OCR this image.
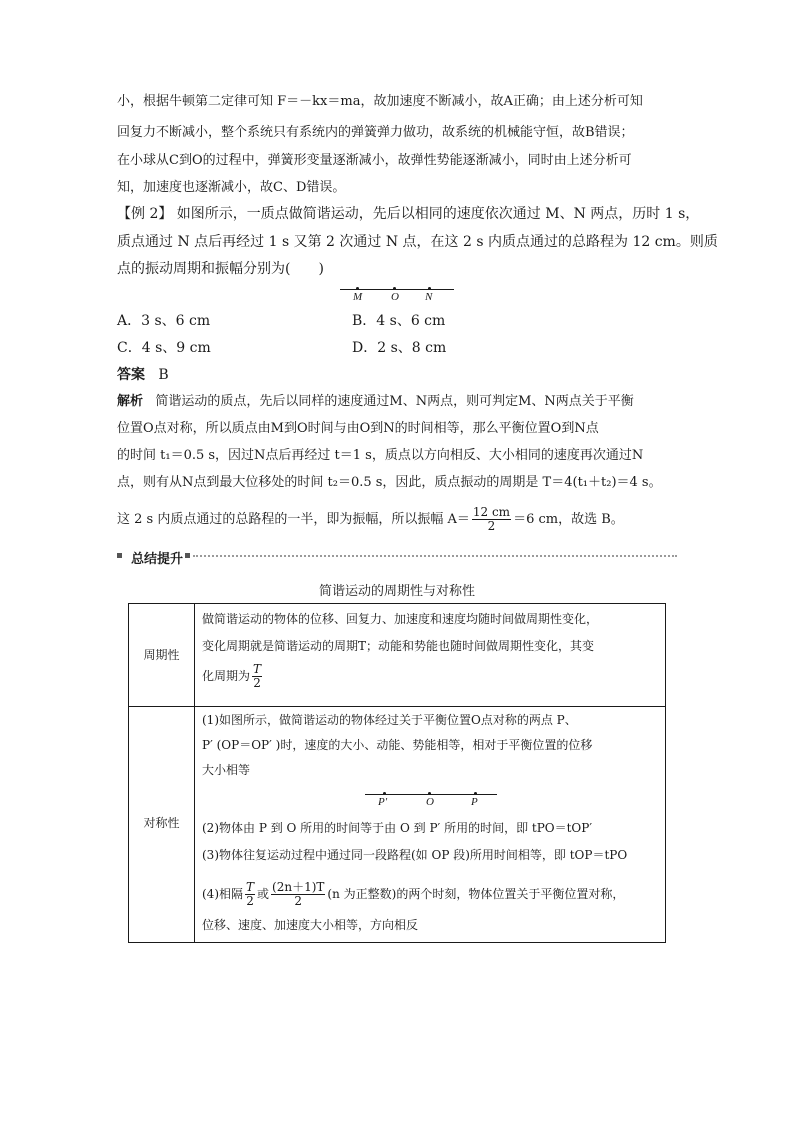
小，根据牛顿第二定律可知 F＝－kx＝ma，故加速度不断减小，故A正确；由上述分析可知
回复力不断减小，整个系统只有系统内的弹簧弹力做功，故系统的机械能守恒，故B错误；
在小球从C到O的过程中，弹簧形变量逐渐减小，故弹性势能逐渐减小，同时由上述分析可
知，加速度也逐渐减小，故C、D错误。
【例 2】 如图所示，一质点做简谐运动，先后以相同的速度依次通过 M、N 两点，历时 1 s，
质点通过 N 点后再经过 1 s 又第 2 次通过 N 点，在这 2 s 内质点通过的总路程为 12 cm。则质
点的振动周期和振幅分别为(　　)
M	O N
A．3 s、6 cm	B．4 s、6 cm
C．4 s、9 cm	D．2 s、8 cm
答案 B
解析 简谐运动的质点，先后以同样的速度通过M、N两点，则可判定M、N两点关于平衡
位置O点对称，所以质点由M到O时间与由O到N的时间相等，那么平衡位置O到N点
的时间 t₁＝0.5 s，因过N点后再经过 t＝1 s，质点以方向相反、大小相同的速度再次通过N
点，则有从N点到最大位移处的时间 t₂＝0.5 s，因此，质点振动的周期是 T＝4(t₁＋t₂)＝4 s。
这 2 s 内质点通过的总路程的一半，即为振幅，所以振幅 $A= \frac{12 cm}{2} =6$ cm，故选 B。
总结提升
简谐运动的周期性与对称性
周期性
做简谐运动的物体的位移、回复力、加速度和速度均随时间做周期性变化，
变化周期就是简谐运动的周期T；动能和势能也随时间做周期性变化，其变
化周期为 $\frac{T}{2}$
对称性
(1)如图所示，做简谐运动的物体经过关于平衡位置O点对称的两点 P、
P′ (OP＝OP′ )时，速度的大小、动能、势能相等，相对于平衡位置的位移
大小相等
P′	O	P
(2)物体由 P 到 O 所用的时间等于由 O 到 P′ 所用的时间，即 tPO＝tOP′
(3)物体往复运动过程中通过同一段路程(如 OP 段)所用时间相等，即 tOP＝tPO
(4)相隔 $\frac{T}{2}$ 或 $\frac{(2n+1)T}{2} (n$ 为正整数)的两个时刻，物体位置关于平衡位置对称，
位移、速度、加速度大小相等，方向相反
